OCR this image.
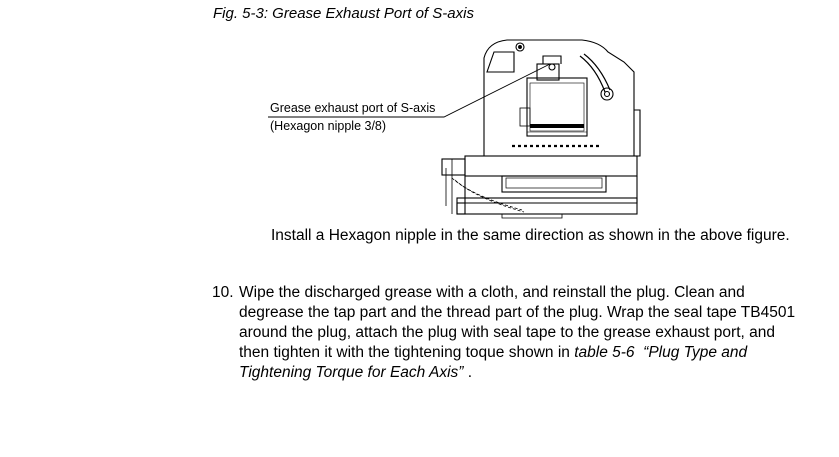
Fig. 5-3: Grease Exhaust Port of S-axis
Grease exhaust port of S-axis
(Hexagon nipple 3/8)
Install a Hexagon nipple in the same direction as shown in the above figure.
10. Wipe the discharged grease with a cloth, and reinstall the plug. Clean and degrease the tap part and the thread part of the plug. Wrap the seal tape TB4501 around the plug, attach the plug with seal tape to the grease exhaust port, and then tighten it with the tightening toque shown in table 5-6 “Plug Type and Tightening Torque for Each Axis” .
